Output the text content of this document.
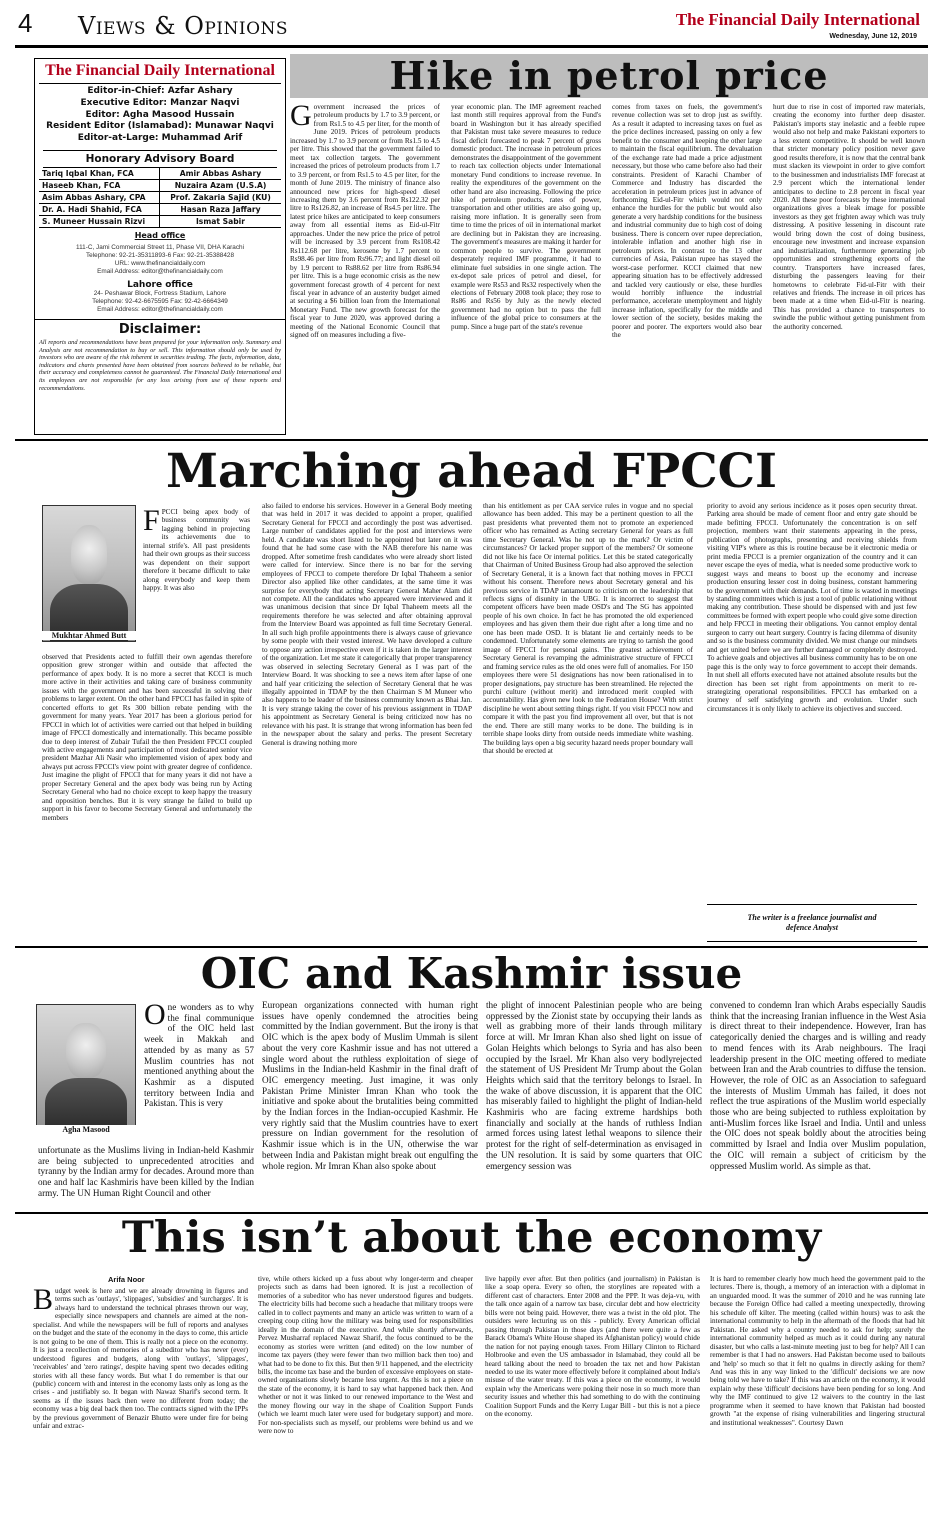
4 Views & Opinions	The Financial Daily International
Wednesday, June 12, 2019
The Financial Daily International
Editor-in-Chief: Azfar Ashary
Executive Editor: Manzar Naqvi
Editor: Agha Masood Hussain
Resident Editor (Islamabad): Munawar Naqvi
Editor-at-Large: Muhammad Arif
Honorary Advisory Board
Tariq Iqbal Khan, FCA	Amir Abbas Ashary
Haseeb Khan, FCA	Nuzaira Azam (U.S.A)
Asim Abbas Ashary, CPA	Prof. Zakaria Sajid (KU)
Dr. A. Hadi Shahid, FCA	Hasan Raza Jaffary
S. Muneer Hussain Rizvi	Ismat Sabir
Head office
111-C, Jami Commercial Street 11, Phase VII, DHA Karachi
Telephone: 92-21-35311893-6 Fax: 92-21-35388428
URL: www.thefinancialdaily.com
Email Address: editor@thefinancialdaily.com
Lahore office
24- Peshawar Block, Fortress Stadium, Lahore
Telephone: 92-42-6675595 Fax: 92-42-6664349
Email Address: editor@thefinancialdaily.com
Disclaimer:
All reports and recommendations have been prepared for your information only. Summary and Analysis are not recommendation to buy or sell. This information should only be used by investors who are aware of the risk inherent in securities trading. The facts, information, data, indicators and charts presented have been obtained from sources believed to be reliable, but their accuracy and completeness cannot be guaranteed. The Financial Daily International and its employees are not responsible for any loss arising from use of these reports and recommendations.
Hike in petrol price
Government increased the prices of petroleum products by 1.7 to 3.9 percent, or from Rs1.5 to 4.5 per liter, for the month of June 2019. Prices of petroleum products increased by 1.7 to 3.9 percent or from Rs1.5 to 4.5 per litre. This showed that the government failed to meet tax collection targets. The government increased the prices of petroleum products from 1.7 to 3.9 percent, or from Rs1.5 to 4.5 per liter, for the month of June 2019. The ministry of finance also announced new prices for high-speed diesel increasing them by 3.6 percent from Rs122.32 per litre to Rs126.82, an increase of Rs4.5 per litre. The latest price hikes are anticipated to keep consumers away from all essential items as Eid-ul-Fitr approaches. Under the new price the price of petrol will be increased by 3.9 percent from Rs108.42 Rs112.68 per litre, kerosene by 1.7 percent to Rs98.46 per litre from Rs96.77; and light diesel oil by 1.9 percent to Rs88.62 per litre from Rs86.94 per litre. This is a huge economic crisis as the new government forecast growth of 4 percent for next fiscal year in advance of an austerity budget aimed at securing a $6 billion loan from the International Monetary Fund. The new growth forecast for the fiscal year to June 2020, was approved during a meeting of the National Economic Council that signed off on measures including a five-
year economic plan. The IMF agreement reached last month still requires approval from the Fund's board in Washington but it has already specified that Pakistan must take severe measures to reduce fiscal deficit forecasted to peak 7 percent of gross domestic product. The increase in petroleum prices demonstrates the disappointment of the government to reach tax collection objects under International monetary Fund conditions to increase revenue. In reality the expenditures of the government on the other hand are also increasing. Following the price hike of petroleum products, rates of power, transportation and other utilities are also going up, raising more inflation. It is generally seen from time to time the prices of oil in international market are declining but in Pakistan they are increasing. The government's measures are making it harder for common people to survive. The government desperately required IMF programme, it had to eliminate fuel subsidies in one single action. The ex-depot sale prices of petrol and diesel, for example were Rs53 and Rs32 respectively when the elections of February 2008 took place; they rose to Rs86 and Rs56 by July as the newly elected government had no option but to pass the full influence of the global price to consumers at the pump. Since a huge part of the state's revenue
comes from taxes on fuels, the government's revenue collection was set to drop just as swiftly. As a result it adapted to increasing taxes on fuel as the price declines increased, passing on only a few benefit to the consumer and keeping the other large to maintain the fiscal equilibrium. The devaluation of the exchange rate had made a price adjustment necessary, but those who came before also had their constraints. President of Karachi Chamber of Commerce and Industry has discarded the acceleration in petroleum prices just in advance of forthcoming Eid-ul-Fitr which would not only enhance the hurdles for the public but would also generate a very hardship conditions for the business and industrial community due to high cost of doing business. There is concern over rupee depreciation, intolerable inflation and another high rise in petroleum prices. In contrast to the 13 other currencies of Asia, Pakistan rupee has stayed the worst-case performer. KCCI claimed that new appearing situation has to be effectively addressed and tackled very cautiously or else, these hurdles would horribly influence the industrial performance, accelerate unemployment and highly increase inflation, specifically for the middle and lower section of the society, besides making the poorer and poorer. The exporters would also bear the
hurt due to rise in cost of imported raw materials, creating the economy into further deep disaster. Pakistan's imports stay inelastic and a feeble rupee would also not help and make Pakistani exporters to a less extent competitive. It should be well known that stricter monetary policy position never gave good results therefore, it is now that the central bank must slacken its viewpoint in order to give comfort to the businessmen and industrialists IMF forecast at 2.9 percent which the international lender anticipates to decline to 2.8 percent in fiscal year 2020. All these poor forecasts by these international organizations gives a bleak image for possible investors as they get frighten away which was truly distressing. A positive lessening in discount rate would bring down the cost of doing business, encourage new investment and increase expansion and industrialization, furthermore generating job opportunities and strengthening exports of the country. Transporters have increased fares, disturbing the passengers leaving for their hometowns to celebrate Fid-ul-Fitr with their relatives and friends. The increase in oil prices has been made at a time when Eid-ul-Fitr is nearing. This has provided a chance to transporters to swindle the public without getting punishment from the authority concerned.
Marching ahead FPCCI
Mukhtar Ahmed Butt
FPCCI being apex body of business community was lagging behind in projecting its achievements due to internal strife's. All past presidents had their own groups as their success was dependent on their support therefore it became difficult to take along everybody and keep them happy. It was also
observed that Presidents acted to fulfill their own agendas therefore opposition grew stronger within and outside that affected the performance of apex body. It is no more a secret that KCCI is much more active in their activities and taking care of business community issues with the government and has been successful in solving their problems to larger extent. On the other hand FPCCI has failed in spite of concerted efforts to get Rs 300 billion rebate pending with the government for many years. Year 2017 has been a glorious period for FPCCI in which lot of activities were carried out that helped in building image of FPCCI domestically and internationally. This became possible due to deep interest of Zubair Tufail the then President FPCCI coupled with active engagements and participation of most dedicated senior vice president Mazhar Ali Nasir who implemented vision of apex body and always put across FPCCI's view point with greater degree of confidence. Just imagine the plight of FPCCI that for many years it did not have a proper Secretary General and the apex body was being run by Acting Secretary General who had no choice except to keep happy the treasury and opposition benches. But it is very strange he failed to build up support in his favor to become Secretary General and unfortunately the members
also failed to endorse his services. However in a General Body meeting that was held in 2017 it was decided to appoint a proper, qualified Secretary General for FPCCI and accordingly the post was advertised. Large number of candidates applied for the post and interviews were held. A candidate was short listed to be appointed but later on it was found that he had some case with the NAB therefore his name was dropped. After sometime fresh candidates who were already short listed were called for interview. Since there is no bar for the serving employees of FPCCI to compete therefore Dr Iqbal Thaheem a senior Director also applied like other candidates, at the same time it was surprise for everybody that acting Secretary General Maher Alam did not compete. All the candidates who appeared were interviewed and it was unanimous decision that since Dr Iqbal Thaheem meets all the requirements therefore he was selected and after obtaining approval from the Interview Board was appointed as full time Secretary General. In all such high profile appointments there is always cause of grievance by some people with their vested interest. We have developed a culture to oppose any action irrespective even if it is taken in the larger interest of the organization. Let me state it categorically that proper transparency was observed in selecting Secretary General as I was part of the Interview Board. It was shocking to see a news item after lapse of one and half year criticizing the selection of Secretary General that he was illegally appointed in TDAP by the then Chairman S M Muneer who also happens to be leader of the business community known as Bhai Jan. It is very strange taking the cover of his previous assignment in TDAP his appointment as Secretary General is being criticized now has no relevance with his past. It is strange that wrong information has been fed in the newspaper about the salary and perks. The present Secretary General is drawing nothing more
than his entitlement as per CAA service rules in vogue and no special allowance has been added. This may be a pertinent question to all the past presidents what prevented them not to promote an experienced officer who has remained as Acting secretary General for years as full time Secretary General. Was he not up to the mark? Or victim of circumstances? Or lacked proper support of the members? Or someone did not like his face Or internal politics. Let this be stated categorically that Chairman of United Business Group had also approved the selection of Secretary General, it is a known fact that nothing moves in FPCCI without his consent. Therefore news about Secretary general and his previous service in TDAP tantamount to criticism on the leadership that reflects signs of disunity in the UBG. It is incorrect to suggest that competent officers have been made OSD's and The SG has appointed people of his own choice. In fact he has promoted the old experienced employees and has given them their due right after a long time and no one has been made OSD. It is blatant lie and certainly needs to be condemned. Unfortunately some elements are trying to tarnish the good image of FPCCI for personal gains. The greatest achievement of Secretary General is revamping the administrative structure of FPCCI and framing service rules as the old ones were full of anomalies. For 150 employees there were 51 designations has now been rationalised in to proper designations, pay structure has been streamlined. He rejected the purchi culture (without merit) and introduced merit coupled with accountability. Has given new look to the Federation House? With strict discipline he went about setting things right. If you visit FPCCI now and compare it with the past you find improvement all over, but that is not the end. There are still many works to be done. The building is in terrible shape looks dirty from outside needs immediate white washing. The building lays open a big security hazard needs proper boundary wall that should be erected at
priority to avoid any serious incidence as it poses open security threat. Parking area should be made of cement floor and entry gate should be made befitting FPCCI. Unfortunately the concentration is on self projection, members want their statements appearing in the press, publication of photographs, presenting and receiving shields from visiting VIP's where as this is routine because be it electronic media or print media FPCCI is a premier organization of the country and it can never escape the eyes of media, what is needed some productive work to suggest ways and means to boost up the economy and increase production ensuring lesser cost in doing business, constant hammering to the government with their demands. Lot of time is wasted in meetings by standing committees which is just a tool of public relationing without making any contribution. These should be dispensed with and just few committees be formed with expert people who could give some direction and help FPCCI in meeting their obligations. You cannot employ dental surgeon to carry out heart surgery. Country is facing dilemma of disunity and so is the business community divided. We must change our mindsets and get united before we are further damaged or completely destroyed. To achieve goals and objectives all business community has to be on one page this is the only way to force government to accept their demands. In nut shell all efforts executed have not attained absolute results but the direction has been set right from appointments on merit to re-strategizing operational responsibilities. FPCCI has embarked on a journey of self satisfying growth and evolution. Under such circumstances it is only likely to achieve its objectives and succeed.
The writer is a freelance journalist and defence Analyst
OIC and Kashmir issue
Agha Masood
One wonders as to why the final communique of the OIC held last week in Makkah and attended by as many as 57 Muslim countries has not mentioned anything about the Kashmir as a disputed territory between India and Pakistan. This is very
unfortunate as the Muslims living in Indian-held Kashmir are being subjected to unprecedented atrocities and tyranny by the Indian army for decades. Around more than one and half lac Kashmiris have been killed by the Indian army. The UN Human Right Council and other
European organizations connected with human right issues have openly condemned the atrocities being committed by the Indian government. But the irony is that OIC which is the apex body of Muslim Ummah is silent about the very core Kashmir issue and has not uttered a single word about the ruthless exploitation of siege of Muslims in the Indian-held Kashmir in the final draft of OIC emergency meeting. Just imagine, it was only Pakistan Prime Minister Imran Khan who took the initiative and spoke about the brutalities being committed by the Indian forces in the Indian-occupied Kashmir. He very rightly said that the Muslim countries have to exert pressure on Indian government for the resolution of Kashmir issue which is in the UN, otherwise the war between India and Pakistan might break out engulfing the whole region. Mr Imran Khan also spoke about
the plight of innocent Palestinian people who are being oppressed by the Zionist state by occupying their lands as well as grabbing more of their lands through military force at will. Mr Imran Khan also shed light on issue of Golan Heights which belongs to Syria and has also been occupied by the Israel. Mr Khan also very bodlyrejected the statement of US President Mr Trump about the Golan Heights which said that the territory belongs to Israel. In the wake of above discussion, it is apparent that the OIC has miserably failed to highlight the plight of Indian-held Kashmiris who are facing extreme hardships both financially and socially at the hands of ruthless Indian armed forces using latest lethal weapons to silence their protest for the right of self-determination as envisaged in the UN resolution. It is said by some quarters that OIC emergency session was
convened to condemn Iran which Arabs especially Saudis think that the increasing Iranian influence in the West Asia is direct threat to their independence. However, Iran has categorically denied the charges and is willing and ready to mend fences with its Arab neighbours. The Iraqi leadership present in the OIC meeting offered to mediate between Iran and the Arab countries to diffuse the tension. However, the role of OIC as an Association to safeguard the interests of Muslim Ummah has failed, it does not reflect the true aspirations of the Muslim world especially those who are being subjected to ruthless exploitation by anti-Muslim forces like Israel and India. Until and unless the OIC does not speak boldly about the atrocities being committed by Israel and India over Muslim population, the OIC will remain a subject of criticism by the oppressed Muslim world. As simple as that.
This isn’t about the economy
Arifa Noor
Budget week is here and we are already drowning in figures and terms such as 'outlays', 'slippages', 'subsidies' and 'surcharges'. It is always hard to understand the technical phrases thrown our way, especially since newspapers and channels are aimed at the non-specialist. And while the newspapers will be full of reports and analyses on the budget and the state of the economy in the days to come, this article is not going to be one of them. This is really not a piece on the economy. It is just a recollection of memories of a subeditor who has never (ever) understood figures and budgets, along with 'outlays', 'slippages', 'receivables' and 'zero ratings', despite having spent two decades editing stories with all these fancy words. But what I do remember is that our (public) concern with and interest in the economy lasts only as long as the crises - and justifiably so. It began with Nawaz Sharif's second term. It seems as if the issues back then were no different from today; the economy was a big deal back then too. The contracts signed with the IPPs by the previous government of Benazir Bhutto were under fire for being unfair and extrac-
tive, while others kicked up a fuss about why longer-term and cheaper projects such as dams had been ignored. It is just a recollection of memories of a subeditor who has never understood figures and budgets. The electricity bills had become such a headache that military troops were called in to collect payments and many an article was written to warn of a creeping coup citing how the military was being used for responsibilities ideally in the domain of the executive. And while shortly afterwards, Pervez Musharraf replaced Nawaz Sharif, the focus continued to be the economy as stories were written (and edited) on the low number of income tax payers (they were fewer than two million back then too) and what had to be done to fix this. But then 9/11 happened, and the electricity bills, the income tax base and the burden of excessive employees on state-owned organisations slowly became less urgent. As this is not a piece on the state of the economy, it is hard to say what happened back then. And whether or not it was linked to our renewed importance to the West and the money flowing our way in the shape of Coalition Support Funds (which we learnt much later were used for budgetary support) and more. For non-specialists such as myself, our problems were behind us and we were now to
live happily ever after. But then politics (and journalism) in Pakistan is like a soap opera. Every so often, the storylines are repeated with a different cast of characters. Enter 2008 and the PPP. It was deja-vu, with the talk once again of a narrow tax base, circular debt and how electricity bills were not being paid. However, there was a twist in the old plot. The outsiders were lecturing us on this - publicly. Every American official passing through Pakistan in those days (and there were quite a few as Barack Obama's White House shaped its Afghanistan policy) would chide the nation for not paying enough taxes. From Hillary Clinton to Richard Holbrooke and even the US ambassador in Islamabad, they could all be heard talking about the need to broaden the tax net and how Pakistan needed to use its water more effectively before it complained about India's misuse of the water treaty. If this was a piece on the economy, it would explain why the Americans were poking their nose in so much more than security issues and whether this had something to do with the continuing Coalition Support Funds and the Kerry Lugar Bill - but this is not a piece on the economy.
It is hard to remember clearly how much heed the government paid to the lectures. There is, though, a memory of an interaction with a diplomat in an unguarded mood. It was the summer of 2010 and he was running late because the Foreign Office had called a meeting unexpectedly, throwing his schedule off kilter. The meeting (called within hours) was to ask the international community to help in the aftermath of the floods that had hit Pakistan. He asked why a country needed to ask for help; surely the international community helped as much as it could during any natural disaster, but who calls a last-minute meeting just to beg for help? All I can remember is that I had no answers. Had Pakistan become used to bailouts and 'help' so much so that it felt no qualms in directly asking for them? And was this in any way linked to the 'difficult' decisions we are now being told we have to take? If this was an article on the economy, it would explain why these 'difficult' decisions have been pending for so long. And why the IMF continued to give 12 waivers to the country in the last programme when it seemed to have known that Pakistan had boosted growth "at the expense of rising vulnerabilities and lingering structural and institutional weaknesses". Courtesy Dawn
